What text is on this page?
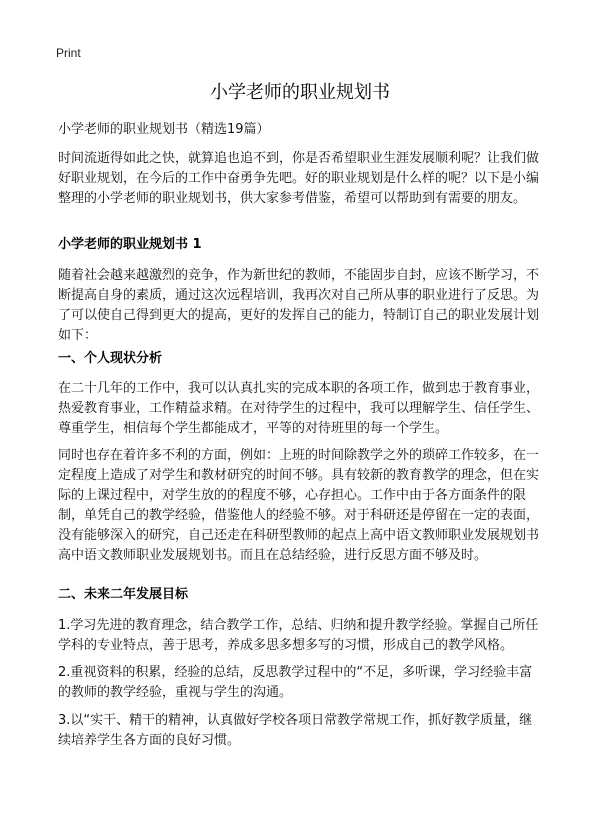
Print
小学老师的职业规划书

小学老师的职业规划书（精选19篇）

时间流逝得如此之快，就算追也追不到，你是否希望职业生涯发展顺利呢？让我们做好职业规划，在今后的工作中奋勇争先吧。好的职业规划是什么样的呢？以下是小编整理的小学老师的职业规划书，供大家参考借鉴，希望可以帮助到有需要的朋友。

小学老师的职业规划书 1

随着社会越来越激烈的竞争，作为新世纪的教师，不能固步自封，应该不断学习，不断提高自身的素质，通过这次远程培训，我再次对自己所从事的职业进行了反思。为了可以使自己得到更大的提高，更好的发挥自己的能力，特制订自己的职业发展计划如下：

一、个人现状分析

在二十几年的工作中，我可以认真扎实的完成本职的各项工作，做到忠于教育事业，热爱教育事业，工作精益求精。在对待学生的过程中，我可以理解学生、信任学生、尊重学生，相信每个学生都能成才，平等的对待班里的每一个学生。

同时也存在着许多不利的方面，例如：上班的时间除教学之外的琐碎工作较多，在一定程度上造成了对学生和教材研究的时间不够。具有较新的教育教学的理念，但在实际的上课过程中，对学生放的的程度不够，心存担心。工作中由于各方面条件的限制，单凭自己的教学经验，借鉴他人的经验不够。对于科研还是停留在一定的表面，没有能够深入的研究，自己还走在科研型教师的起点上高中语文教师职业发展规划书高中语文教师职业发展规划书。而且在总结经验，进行反思方面不够及时。

二、未来二年发展目标

1.学习先进的教育理念，结合教学工作，总结、归纳和提升教学经验。掌握自己所任学科的专业特点，善于思考，养成多思多想多写的习惯，形成自己的教学风格。

2.重视资料的积累，经验的总结，反思教学过程中的“不足，多听课，学习经验丰富的教师的教学经验，重视与学生的沟通。

3.以“实干、精干的精神，认真做好学校各项日常教学常规工作，抓好教学质量，继续培养学生各方面的良好习惯。
